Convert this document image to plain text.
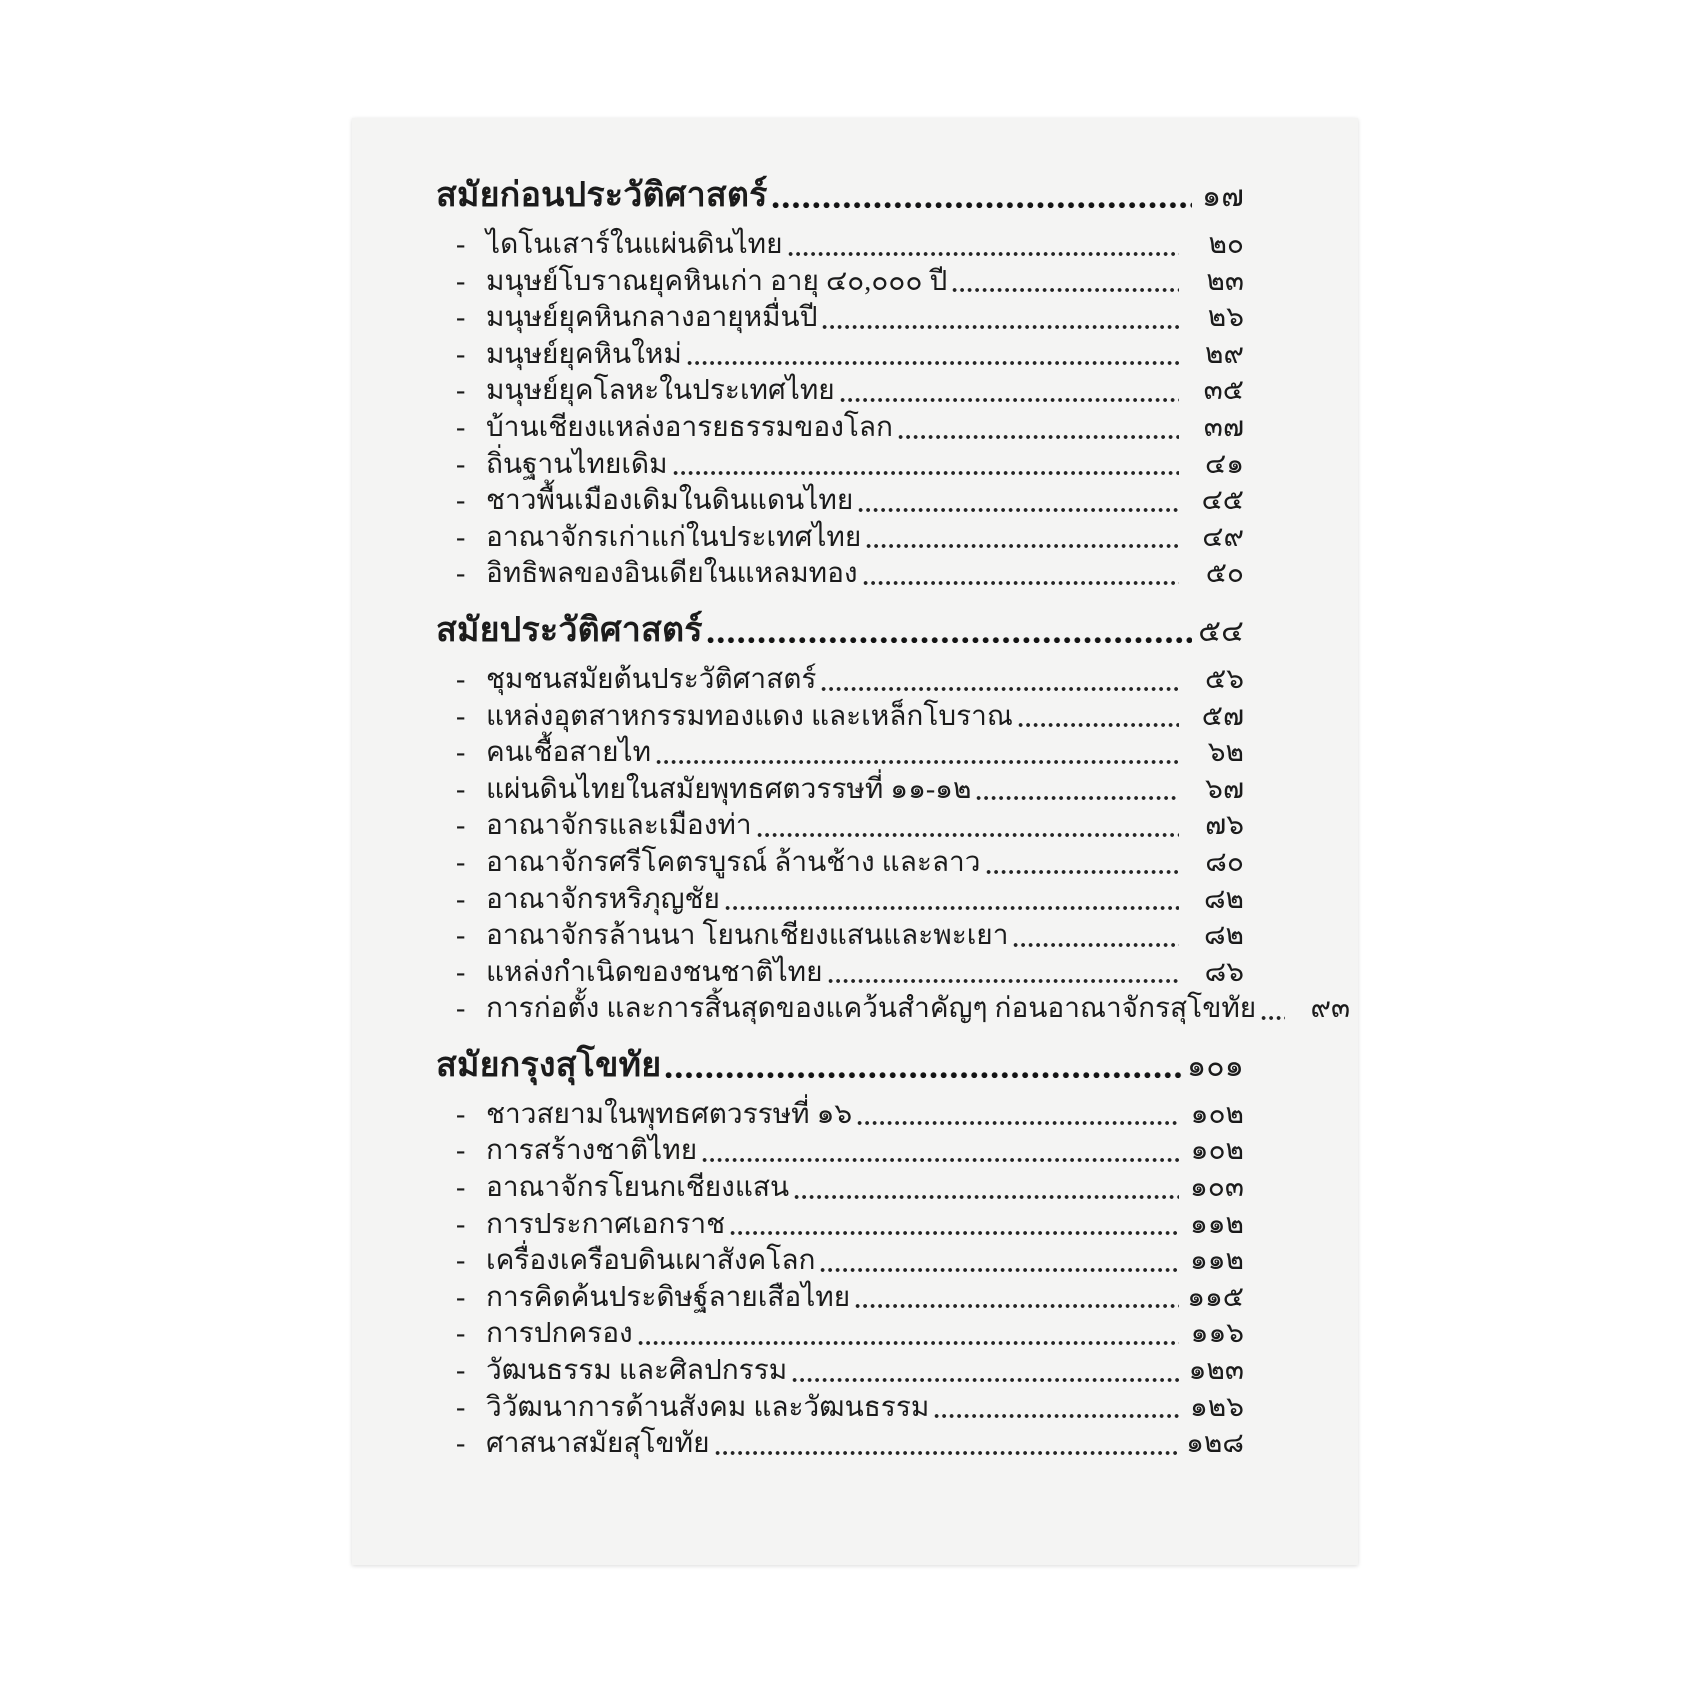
สมัยก่อนประวัติศาสตร์	๑๗
- ไดโนเสาร์ในแผ่นดินไทย	๒๐
- มนุษย์โบราณยุคหินเก่า อายุ ๔๐,๐๐๐ ปี	๒๓
- มนุษย์ยุคหินกลางอายุหมื่นปี	๒๖
- มนุษย์ยุคหินใหม่	๒๙
- มนุษย์ยุคโลหะในประเทศไทย	๓๕
- บ้านเชียงแหล่งอารยธรรมของโลก	๓๗
- ถิ่นฐานไทยเดิม	๔๑
- ชาวพื้นเมืองเดิมในดินแดนไทย	๔๕
- อาณาจักรเก่าแก่ในประเทศไทย	๔๙
- อิทธิพลของอินเดียในแหลมทอง	๕๐
สมัยประวัติศาสตร์	๕๔
- ชุมชนสมัยต้นประวัติศาสตร์	๕๖
- แหล่งอุตสาหกรรมทองแดง และเหล็กโบราณ	๕๗
- คนเชื้อสายไท	๖๒
- แผ่นดินไทยในสมัยพุทธศตวรรษที่ ๑๑-๑๒	๖๗
- อาณาจักรและเมืองท่า	๗๖
- อาณาจักรศรีโคตรบูรณ์ ล้านช้าง และลาว	๘๐
- อาณาจักรหริภุญชัย	๘๒
- อาณาจักรล้านนา โยนกเชียงแสนและพะเยา	๘๒
- แหล่งกำเนิดของชนชาติไทย	๘๖
- การก่อตั้ง และการสิ้นสุดของแคว้นสำคัญๆ ก่อนอาณาจักรสุโขทัย	๙๓
สมัยกรุงสุโขทัย	๑๐๑
- ชาวสยามในพุทธศตวรรษที่ ๑๖	๑๐๒
- การสร้างชาติไทย	๑๐๒
- อาณาจักรโยนกเชียงแสน	๑๐๓
- การประกาศเอกราช	๑๑๒
- เครื่องเครือบดินเผาสังคโลก	๑๑๒
- การคิดค้นประดิษฐ์ลายเสือไทย	๑๑๕
- การปกครอง	๑๑๖
- วัฒนธรรม และศิลปกรรม	๑๒๓
- วิวัฒนาการด้านสังคม และวัฒนธรรม	๑๒๖
- ศาสนาสมัยสุโขทัย	๑๒๘
